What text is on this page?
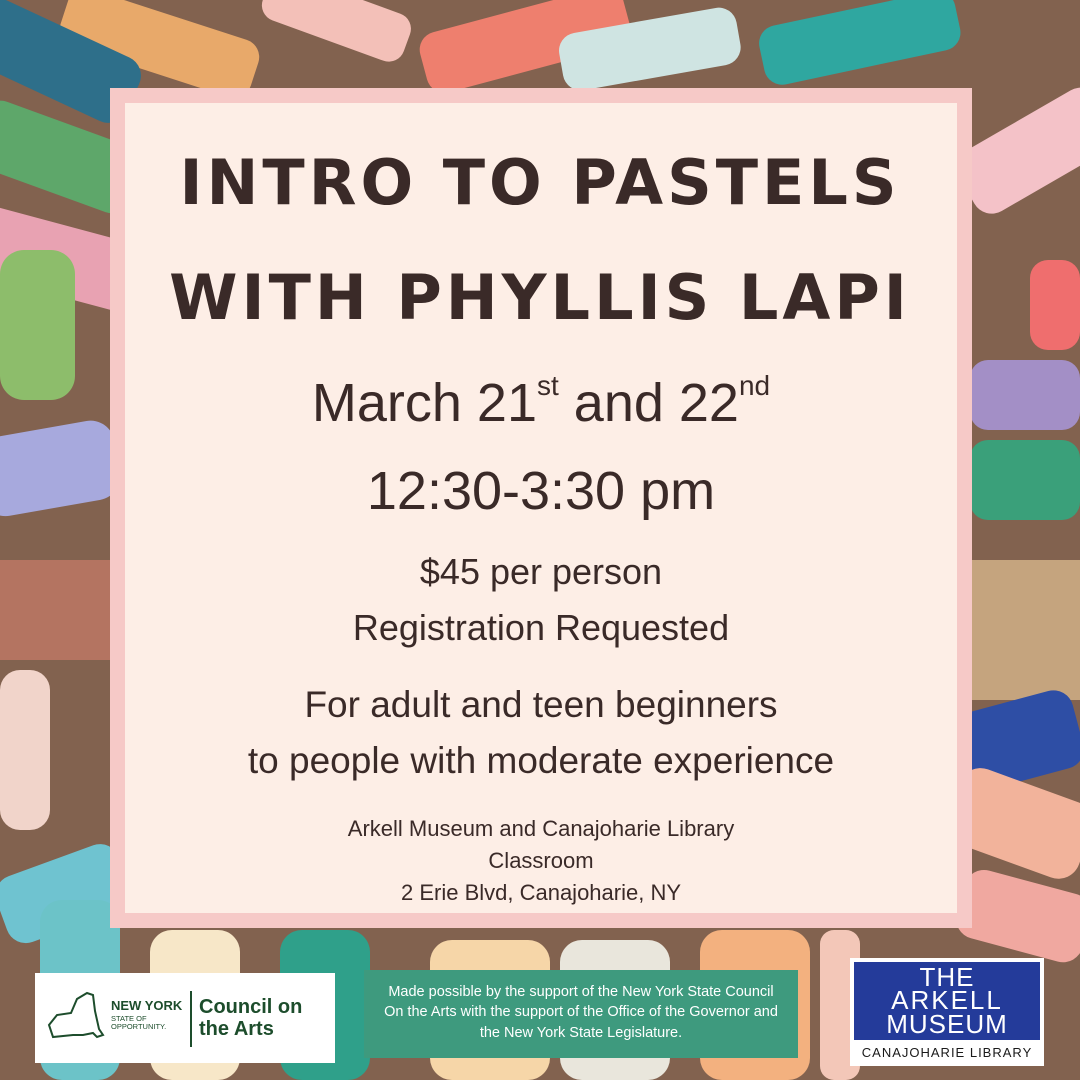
INTRO TO PASTELS
WITH PHYLLIS LAPI
March 21st and 22nd
12:30-3:30 pm
$45 per person
Registration Requested
For adult and teen beginners
to people with moderate experience
Arkell Museum and Canajoharie Library
Classroom
2 Erie Blvd, Canajoharie, NY
NEW YORK
STATE OF OPPORTUNITY.
Council on the Arts
Made possible by the support of the New York State Council On the Arts with the support of the Office of the Governor and the New York State Legislature.
THE
ARKELL
MUSEUM
CANAJOHARIE LIBRARY
